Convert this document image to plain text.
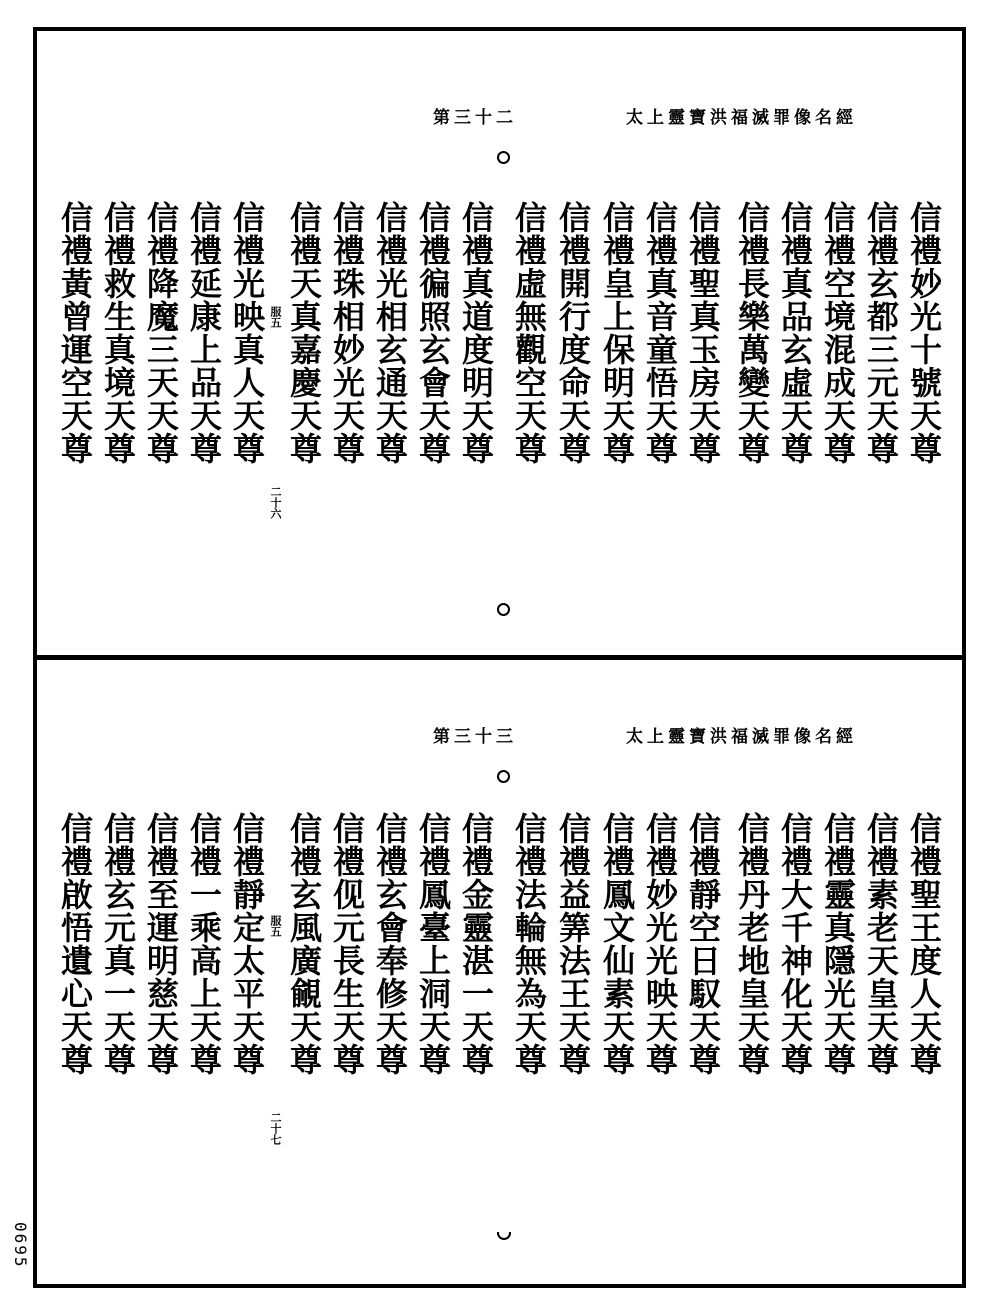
太上靈寶洪福滅罪像名經
第三十二
信禮妙光十號天尊
信禮玄都三元天尊
信禮空境混成天尊
信禮真品玄虛天尊
信禮長樂萬變天尊
信禮聖真玉房天尊
信禮真音童悟天尊
信禮皇上保明天尊
信禮開行度命天尊
信禮虛無觀空天尊
信禮真道度明天尊
信禮徧照玄會天尊
信禮光相玄通天尊
信禮珠相妙光天尊
信禮天真嘉慶天尊
信禮光映真人天尊
信禮延康上品天尊
信禮降魔三天天尊
信禮救生真境天尊
信禮黃曾運空天尊	服五
二十六
太上靈寶洪福滅罪像名經
第三十三
信禮聖王度人天尊
信禮素老天皇天尊
信禮靈真隱光天尊
信禮大千神化天尊
信禮丹老地皇天尊
信禮靜空日馭天尊
信禮妙光光映天尊
信禮鳳文仙素天尊
信禮益筭法王天尊
信禮法輪無為天尊
信禮金靈湛一天尊
信禮鳳臺上洞天尊
信禮玄會奉修天尊
信禮伣元長生天尊
信禮玄風廣覦天尊
信禮靜定太平天尊
信禮一乘高上天尊
信禮至運明慈天尊
信禮玄元真一天尊
信禮啟悟遺心天尊	服五
二十七
0695
